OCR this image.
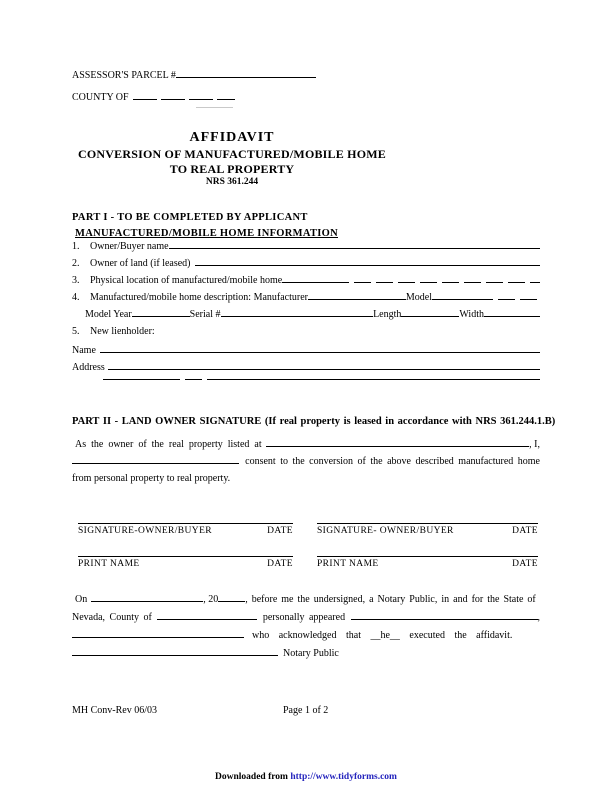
ASSESSOR'S PARCEL #
COUNTY OF
AFFIDAVIT
CONVERSION OF MANUFACTURED/MOBILE HOME
TO REAL PROPERTY
NRS 361.244
PART I - TO BE COMPLETED BY APPLICANT
MANUFACTURED/MOBILE HOME INFORMATION
1.	Owner/Buyer name
2.	Owner of land (if leased)
3.	Physical location of manufactured/mobile home
4.	Manufactured/mobile home description: Manufacturer	Model
Model Year	Serial #	Length	Width
5.	New lienholder:
Name
Address
PART II - LAND OWNER SIGNATURE (If real property is leased in accordance with NRS 361.244.1.B)
As the owner of the real property listed at	, I,
consent to the conversion of the above described manufactured home
from personal property to real property.
SIGNATURE-OWNER/BUYER	DATE	SIGNATURE- OWNER/BUYER	DATE
PRINT NAME	DATE	PRINT NAME	DATE
On	, 20	, before me the undersigned, a Notary Public, in and for the State of
Nevada, County of	personally appeared	,
who acknowledged that __he__ executed the affidavit.
Notary Public
MH Conv-Rev 06/03	Page 1 of 2
Downloaded from http://www.tidyforms.com
